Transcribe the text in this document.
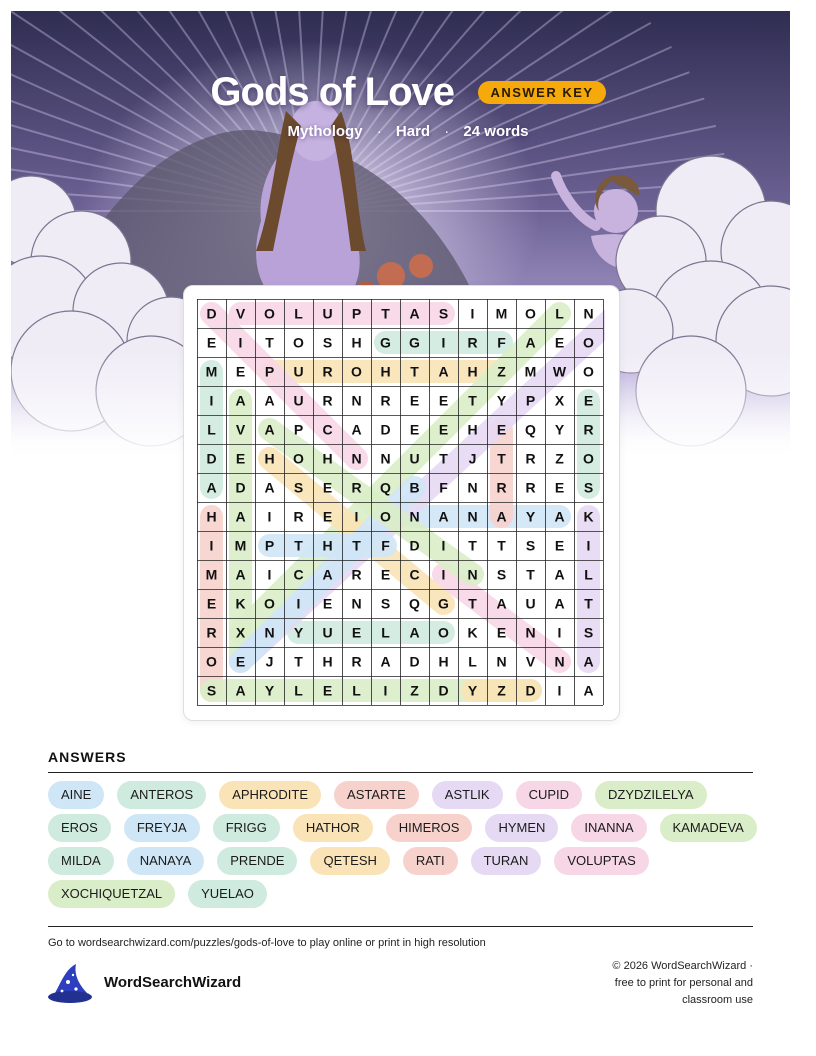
Gods of Love	ANSWER KEY
Mythology · Hard · 24 words
D V O L U P T A S I M O L N
E I T O S H G G I R F A E O
M E P U R O H T A H Z M W O
I A A U R N R E E T Y P X E
L V A P C A D E E H E Q Y R
D E H O H N N U T J T R Z O
A D A S E R Q B F N R R E S
H A I R E I O N A N A Y A K
I M P T H T F D I T T S E I
M A I C A R E C I N S T A L
E K O I E N S Q G T A U A T
R X N Y U E L A O K E N I S
O E J T H R A D H L N V N A
S A Y L E L I Z D Y Z D I A
ANSWERS
AINE	ANTEROS	APHRODITE	ASTARTE	ASTLIK	CUPID	DZYDZILELYA
EROS	FREYJA	FRIGG	HATHOR	HIMEROS	HYMEN	INANNA	KAMADEVA
MILDA	NANAYA	PRENDE	QETESH	RATI	TURAN	VOLUPTAS
XOCHIQUETZAL	YUELAO
Go to wordsearchwizard.com/puzzles/gods-of-love to play online or print in high resolution
WordSearchWizard
© 2026 WordSearchWizard ·
free to print for personal and
classroom use
